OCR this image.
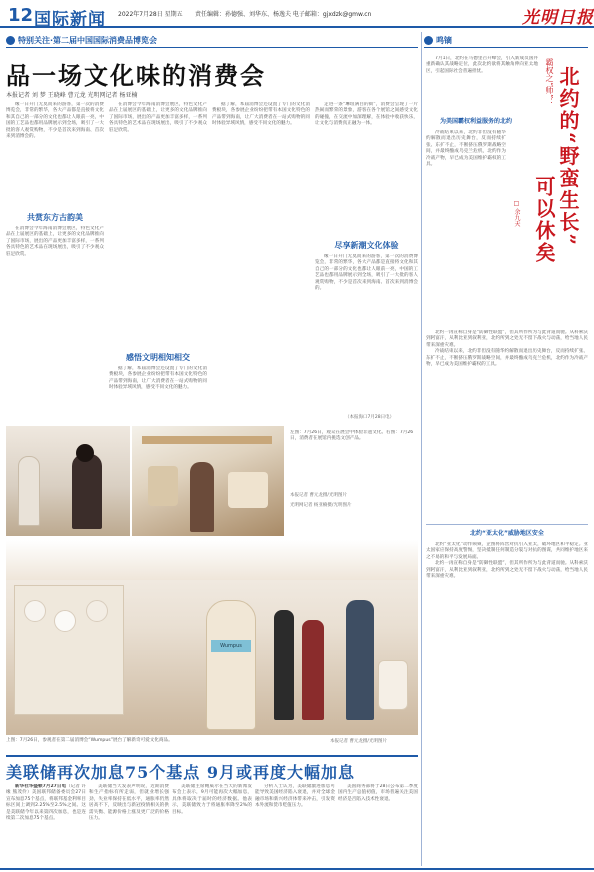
12 国际新闻 2022年7月28日 星期五 责任编辑：孙德强、刘华东、杨逸夫 电子邮箱：gjxdzk@gmw.cn	光明日报
特别关注·第二届中国国际消费品博览会
品一场文化味的消费会
本报记者 刘 梦 王晓峰 曹元龙 光明网记者 杨亚楠

缘一日开门无莫而来的游客，第一次的消费博览会，非常的繁华，各大产品都是直接将文化和其自己的一部分的文化也都让人眼前一亮，中国的工艺品也都用品牌展示到全场，吸引了一大批的客人观赏购物，不少是首次来到海南、首次来到消博会的。

共赏东方古韵美

在消博会今年海南消博会展区，特色文化产品在上届展区的基础上，让更多的文化品牌推向了国际市场，展出的产品更加丰富多样，一系列各具特色的艺术品在现场展出，吸引了不少观众驻足欣赏。

在消博会今年海南消博会展区，特色文化产品在上届展区的基础上，让更多的文化品牌推向了国际市场，展出的产品更加丰富多样，一系列各具特色的艺术品在现场展出，吸引了不少观众驻足欣赏。

感悟文明相知相交

据了解，本届消博会还设置了专门的文化消费板块，各参展企业纷纷把带有本国文化特色的产品带到海南，让广大消费者在一站式购物的同时体验异域风情，感受不同文化的魅力。

据了解，本届消博会还设置了专门的文化消费板块，各参展企业纷纷把带有本国文化特色的产品带到海南，让广大消费者在一站式购物的同时体验异域风情，感受不同文化的魅力。

走进一条“琳琅满目的街”，消费会呈现了一片热闹而繁荣的景象，游客在各个展馆之间感受文化的碰撞，在交流中加深理解，在体验中收获快乐，让文化与消费真正融为一体。

尽享新潮文化体验

缘一日开门无莫而来的游客，第一次的消费博览会，非常的繁华，各大产品都是直接将文化和其自己的一部分的文化也都让人眼前一亮，中国的工艺品也都用品牌展示到全场，吸引了一大批的客人观赏购物，不少是首次来到海南、首次来到消博会的。

（本报海口7月28日电）
左图：7月26日，观众在展会中体验非遗文化。右图：7月26日，消费者在展馆内挑选文创产品。
本报记者 曹元龙摄/光明图片
光明网记者 杨亚楠摄/光明图片
Wumpus
上图：7月26日，参观者在第二届消博会“Wumpus”展台了解新奇可爱文化商品。	本报记者 曹元龙摄/光明图片
美联储再次加息75个基点 9月或再度大幅加息

新华社华盛顿7月27日电（记者 许缘 熊茂伶）美国联邦储备委员会27日宣布加息75个基点，将联邦基金利率目标区间上调到2.25%至2.5%之间。这是美联储今年以来第四次加息，也是连续第二次加息75个基点。

美联储当天发表声明说，近期消费和生产指标有所走弱，但就业增长强劲，失业率保持在低水平，通胀率仍然居高不下，反映出与新冠疫情相关的供需失衡、能源价格上涨及更广泛的价格压力。

美联储主席鲍威尔在当天的新闻发布会上表示，9月可能再次大幅加息，具体将取决于届时的经济数据。他表示，美联储致力于将通胀率降至2%的目标。

分析人士认为，美联储激进加息可能导致美国经济陷入衰退，并对全球金融市场和新兴经济体带来冲击，引发资本外流和货币贬值压力。

美国商务部将于28日公布第二季度国内生产总值初值，市场普遍关注美国经济是否陷入技术性衰退。

鸣镝

7月1日，北约在马德里召开峰会，引入新成员国并重新确认其战略定位，此次北约欲将其触角伸向亚太地区，引起国际社会普遍担忧。	霸权之“师”： 北约的“野蛮生长”
可以休矣
□ 余九天
为美国霸权利益服务的北约

冷战结束以来，北约非但没有随华约解散而退出历史舞台，反而持续扩张、东扩不止，不断挤压俄罗斯战略空间，并最终酿成乌克兰危机，北约作为冷战产物，早已成为美国维护霸权的工具。

北约一再宣称自身是“防御性联盟”，但其所作所为与此背道而驰。从科索沃到阿富汗，从利比亚到叙利亚，北约所到之处无不留下战火与动荡，给当地人民带来深重灾难。

冷战结束以来，北约非但没有随华约解散而退出历史舞台，反而持续扩张、东扩不止，不断挤压俄罗斯战略空间，并最终酿成乌克兰危机，北约作为冷战产物，早已成为美国维护霸权的工具。

北约“亚太化”威胁地区安全

北约“亚太化”动作频频，企图将阵营对抗引入亚太，破坏地区和平稳定。亚太国家应保持高度警惕，坚决抵制任何制造分裂与对抗的图谋，共同维护地区来之不易的和平与发展局面。

北约一再宣称自身是“防御性联盟”，但其所作所为与此背道而驰。从科索沃到阿富汗，从利比亚到叙利亚，北约所到之处无不留下战火与动荡，给当地人民带来深重灾难。
